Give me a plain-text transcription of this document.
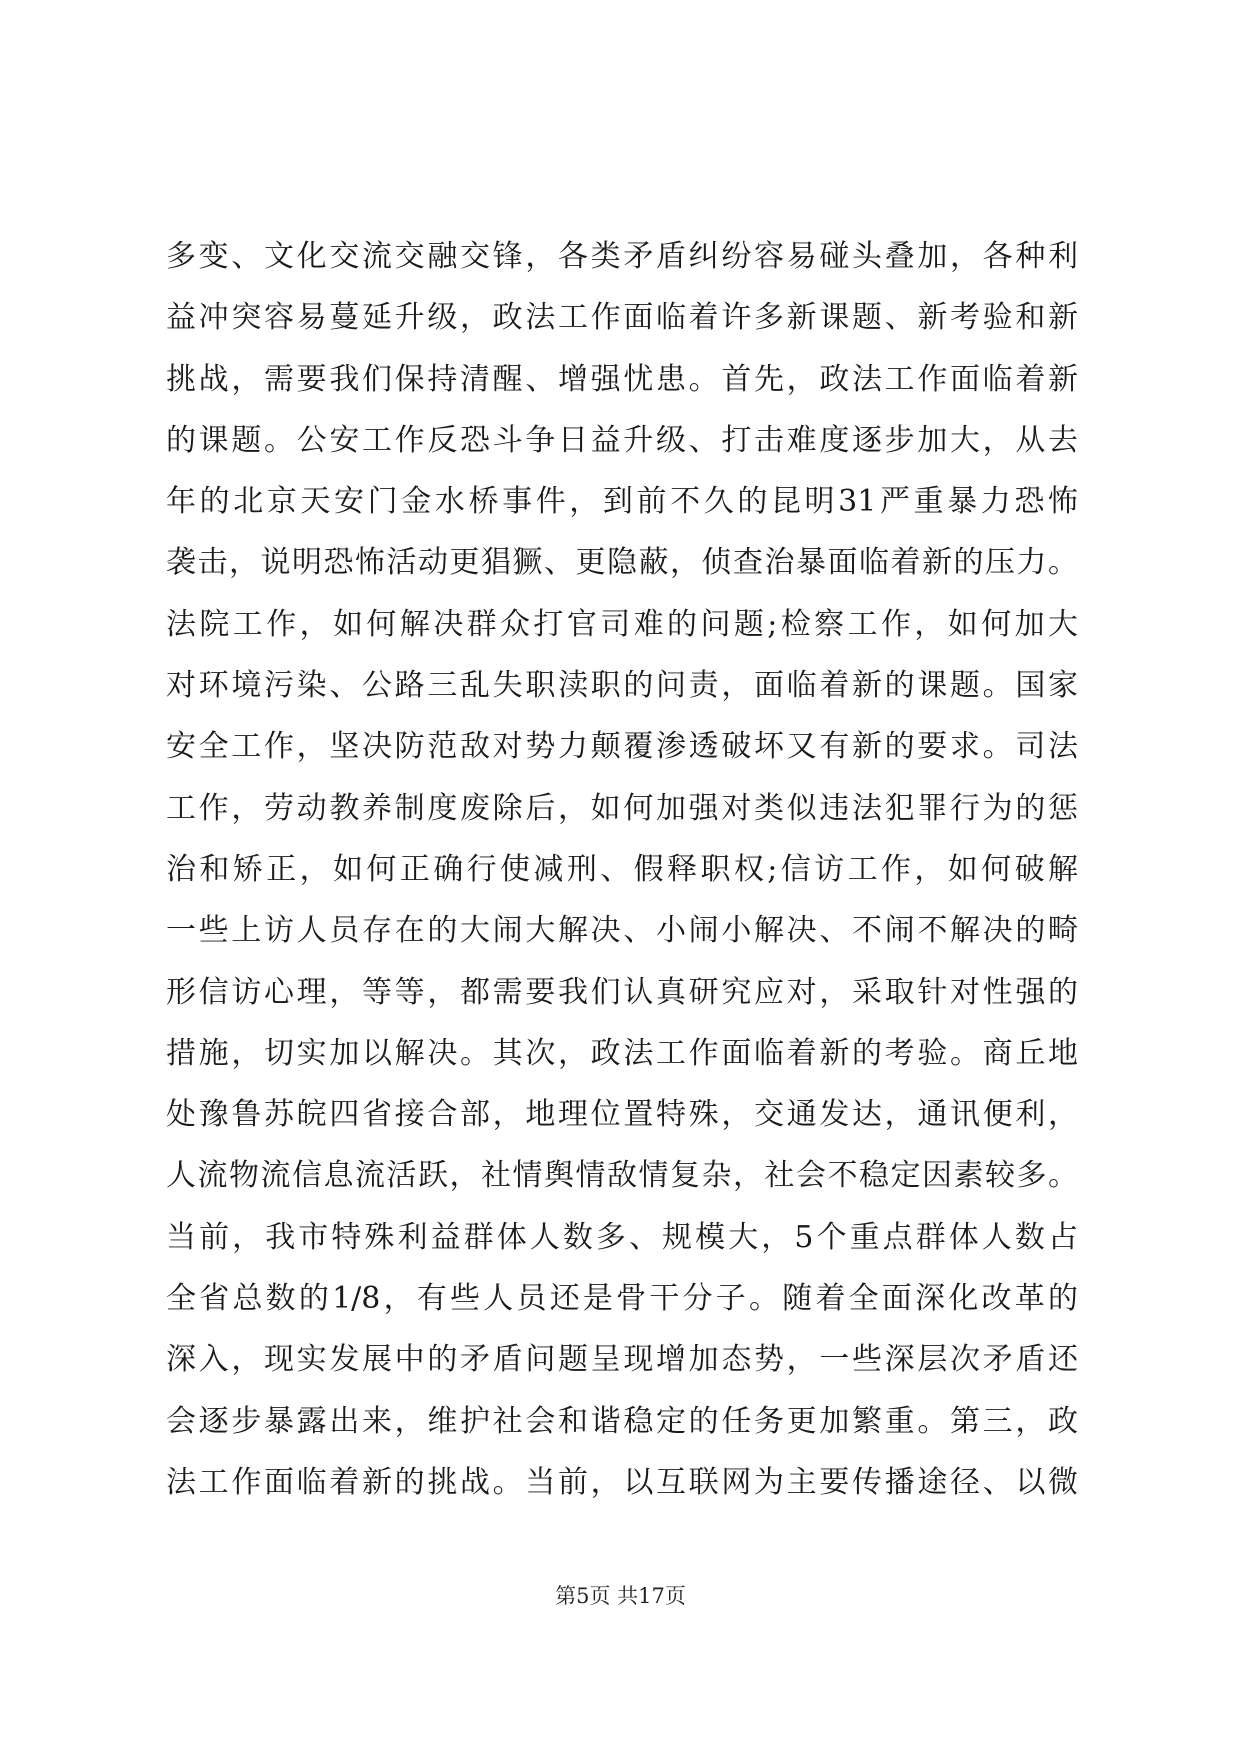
多变、文化交流交融交锋，各类矛盾纠纷容易碰头叠加，各种利
益冲突容易蔓延升级，政法工作面临着许多新课题、新考验和新
挑战，需要我们保持清醒、增强忧患。首先，政法工作面临着新
的课题。公安工作反恐斗争日益升级、打击难度逐步加大，从去
年的北京天安门金水桥事件，到前不久的昆明31严重暴力恐怖
袭击，说明恐怖活动更猖獗、更隐蔽，侦查治暴面临着新的压力。
法院工作，如何解决群众打官司难的问题;检察工作，如何加大
对环境污染、公路三乱失职渎职的问责，面临着新的课题。国家
安全工作，坚决防范敌对势力颠覆渗透破坏又有新的要求。司法
工作，劳动教养制度废除后，如何加强对类似违法犯罪行为的惩
治和矫正，如何正确行使减刑、假释职权;信访工作，如何破解
一些上访人员存在的大闹大解决、小闹小解决、不闹不解决的畸
形信访心理，等等，都需要我们认真研究应对，采取针对性强的
措施，切实加以解决。其次，政法工作面临着新的考验。商丘地
处豫鲁苏皖四省接合部，地理位置特殊，交通发达，通讯便利，
人流物流信息流活跃，社情舆情敌情复杂，社会不稳定因素较多。
当前，我市特殊利益群体人数多、规模大，5个重点群体人数占
全省总数的1/8，有些人员还是骨干分子。随着全面深化改革的
深入，现实发展中的矛盾问题呈现增加态势，一些深层次矛盾还
会逐步暴露出来，维护社会和谐稳定的任务更加繁重。第三，政
法工作面临着新的挑战。当前，以互联网为主要传播途径、以微
第5页 共17页
